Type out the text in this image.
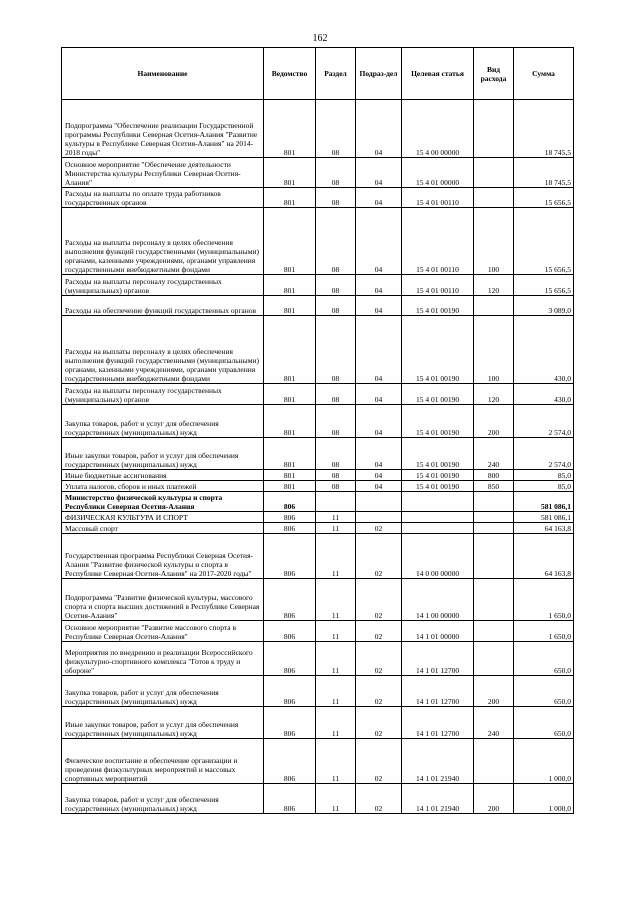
162
Наименование	Ведомство	Раздел	Подраз-дел	Целевая статья	Вид расхода	Сумма
Подпрограмма "Обеспечение реализации Государственной программы Республики Северная Осетия-Алания "Развитие культуры в Республике Северная Осетия-Алания" на 2014-2018 годы"	801	08	04	15 4 00 00000		18 745,5
Основное мероприятие "Обеспечение деятельности Министерства культуры Республики Северная Осетия-Алания"	801	08	04	15 4 01 00000		18 745,5
Расходы на выплаты по оплате труда работников государственных органов	801	08	04	15 4 01 00110		15 656,5
Расходы на выплаты персоналу в целях обеспечения выполнения функций государственными (муниципальными) органами, казенными учреждениями, органами управления государственными внебюджетными фондами	801	08	04	15 4 01 00110	100	15 656,5
Расходы на выплаты персоналу государственных (муниципальных) органов	801	08	04	15 4 01 00110	120	15 656,5
Расходы на обеспечение функций государственных органов	801	08	04	15 4 01 00190		3 089,0
Расходы на выплаты персоналу в целях обеспечения выполнения функций государственными (муниципальными) органами, казенными учреждениями, органами управления государственными внебюджетными фондами	801	08	04	15 4 01 00190	100	430,0
Расходы на выплаты персоналу государственных (муниципальных) органов	801	08	04	15 4 01 00190	120	430,0
Закупка товаров, работ и услуг для обеспечения государственных (муниципальных) нужд	801	08	04	15 4 01 00190	200	2 574,0
Иные закупки товаров, работ и услуг для обеспечения государственных (муниципальных) нужд	801	08	04	15 4 01 00190	240	2 574,0
Иные бюджетные ассигнования	801	08	04	15 4 01 00190	800	85,0
Уплата налогов, сборов и иных платежей	801	08	04	15 4 01 00190	850	85,0
Министерство физической культуры и спорта Республики Северная Осетия-Алания	806					581 086,1
ФИЗИЧЕСКАЯ КУЛЬТУРА И СПОРТ	806	11				581 086,1
Массовый спорт	806	11	02			64 163,8
Государственная программа Республики Северная Осетия-Алания "Развитие физической культуры и спорта в Республике Северная Осетия-Алания" на 2017-2020 годы"	806	11	02	14 0 00 00000		64 163,8
Подпрограмма "Развитие физической культуры, массового спорта и спорта высших достижений в Республике Северная Осетия-Алания"	806	11	02	14 1 00 00000		1 650,0
Основное мероприятие "Развитие массового спорта в Республике Северная Осетия-Алания"	806	11	02	14 1 01 00000		1 650,0
Мероприятия по внедрению и реализации Всероссийского физкультурно-спортивного комплекса "Готов к труду и обороне"	806	11	02	14 1 01 12700		650,0
Закупка товаров, работ и услуг для обеспечения государственных (муниципальных) нужд	806	11	02	14 1 01 12700	200	650,0
Иные закупки товаров, работ и услуг для обеспечения государственных (муниципальных) нужд	806	11	02	14 1 01 12700	240	650,0
Физическое воспитание и обеспечение организации и проведения физкультурных мероприятий и массовых спортивных мероприятий	806	11	02	14 1 01 21940		1 000,0
Закупка товаров, работ и услуг для обеспечения государственных (муниципальных) нужд	806	11	02	14 1 01 21940	200	1 000,0
